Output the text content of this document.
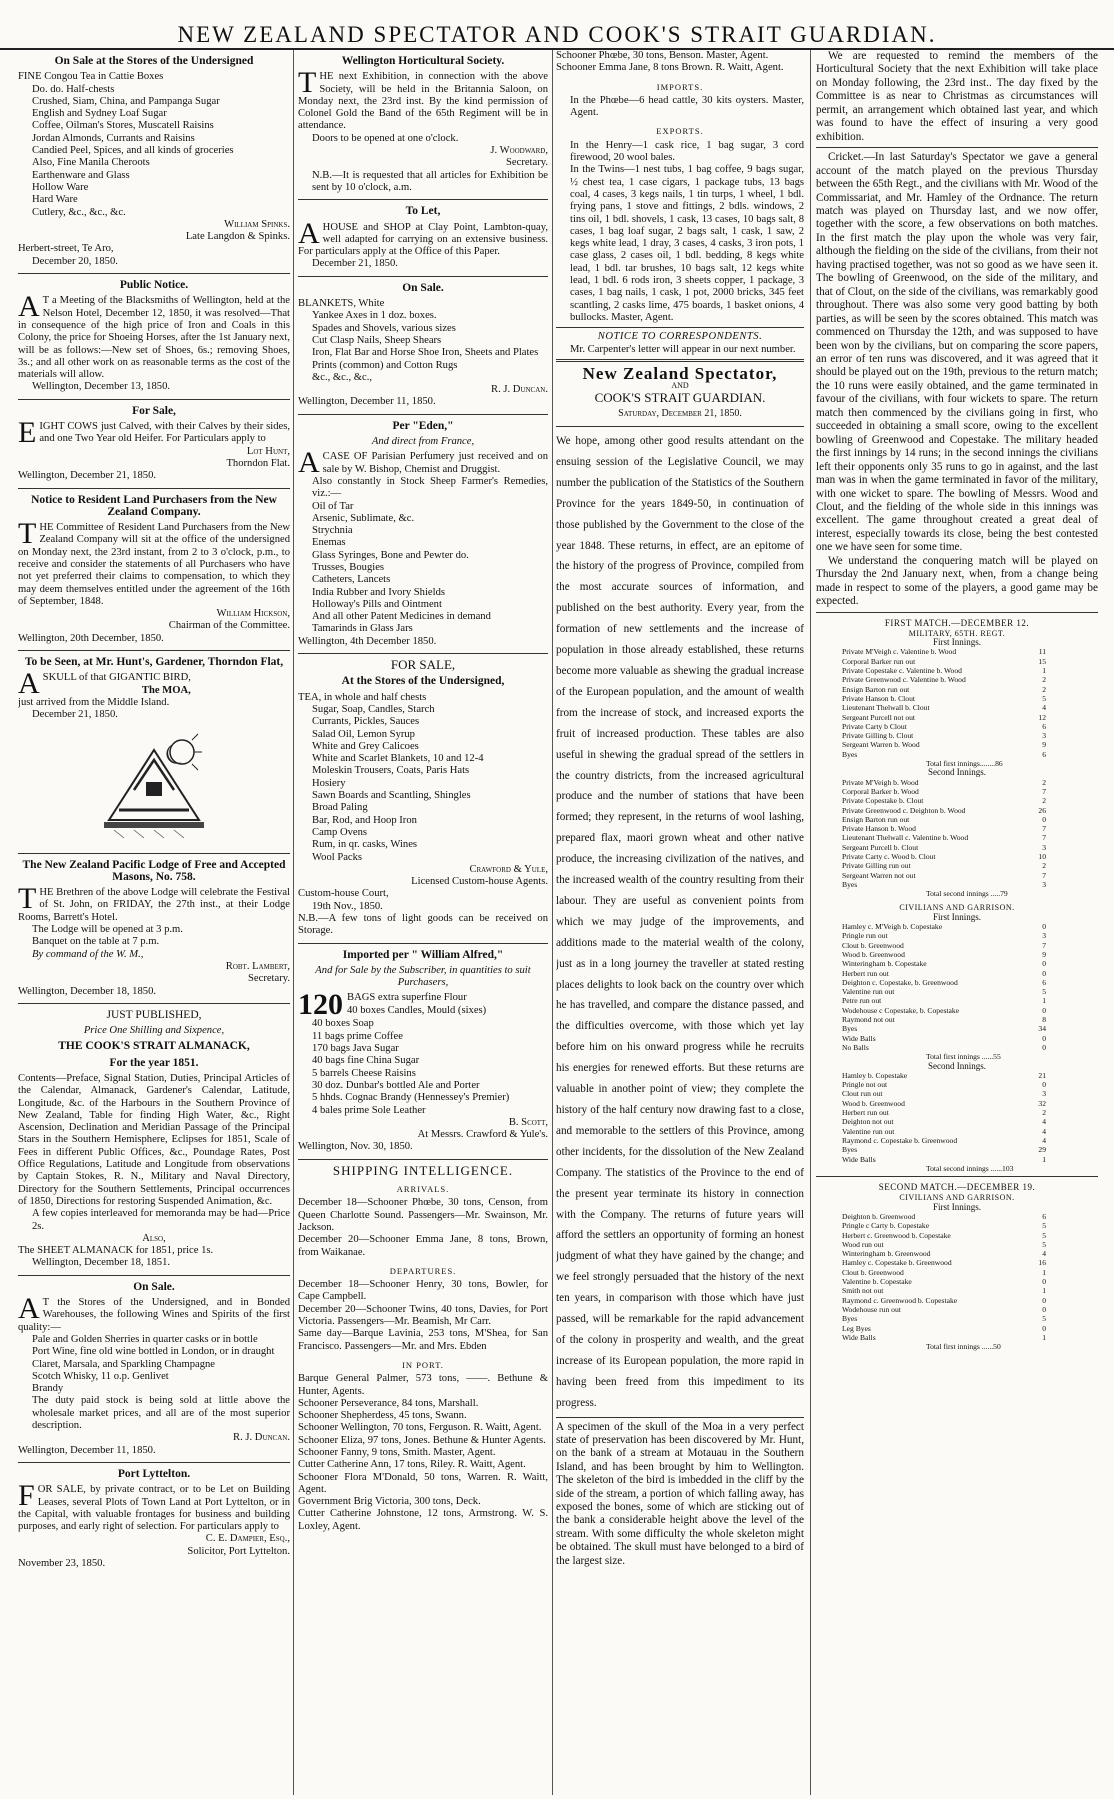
NEW ZEALAND SPECTATOR AND COOK'S STRAIT GUARDIAN.
On Sale at the Stores of the Undersigned
FINE Congou Tea in Cattie Boxes
Do. do. Half-chests
Crushed, Siam, China, and Pampanga Sugar
English and Sydney Loaf Sugar
Coffee, Oilman's Stores, Muscatell Raisins
Jordan Almonds, Currants and Raisins
Candied Peel, Spices, and all kinds of groceries
Also, Fine Manila Cheroots
Earthenware and Glass
Hollow Ware
Hard Ware
Cutlery, &c., &c., &c.
William Spinks.
Late Langdon & Spinks.
Herbert-street, Te Aro,
December 20, 1850.
Public Notice.
AT a Meeting of the Blacksmiths of Wellington, held at the Nelson Hotel, December 12, 1850, it was resolved—That in consequence of the high price of Iron and Coals in this Colony, the price for Shoeing Horses, after the 1st January next, will be as follows:—New set of Shoes, 6s.; removing Shoes, 3s.; and all other work on as reasonable terms as the cost of the materials will allow.
Wellington, December 13, 1850.
For Sale,
EIGHT COWS just Calved, with their Calves by their sides, and one Two Year old Heifer. For Particulars apply to
Lot Hunt,
Thorndon Flat.
Wellington, December 21, 1850.
Notice to Resident Land Purchasers from the New Zealand Company.
THE Committee of Resident Land Purchasers from the New Zealand Company will sit at the office of the undersigned on Monday next, the 23rd instant, from 2 to 3 o'clock, p.m., to receive and consider the statements of all Purchasers who have not yet preferred their claims to compensation, to which they may deem themselves entitled under the agreement of the 16th of September, 1848.
William Hickson,
Chairman of the Committee.
Wellington, 20th December, 1850.
To be Seen, at Mr. Hunt's, Gardener, Thorndon Flat,
ASKULL of that GIGANTIC BIRD,
The MOA,
just arrived from the Middle Island.
December 21, 1850.
The New Zealand Pacific Lodge of Free and Accepted Masons, No. 758.
THE Brethren of the above Lodge will celebrate the Festival of St. John, on FRIDAY, the 27th inst., at their Lodge Rooms, Barrett's Hotel.
The Lodge will be opened at 3 p.m.
Banquet on the table at 7 p.m.
By command of the W. M.,
Robt. Lambert,
Secretary.
Wellington, December 18, 1850.
JUST PUBLISHED,
Price One Shilling and Sixpence,
THE COOK'S STRAIT ALMANACK,
For the year 1851.
Contents—Preface, Signal Station, Duties, Principal Articles of the Calendar, Almanack, Gardener's Calendar, Latitude, Longitude, &c. of the Harbours in the Southern Province of New Zealand, Table for finding High Water, &c., Right Ascension, Declination and Meridian Passage of the Principal Stars in the Southern Hemisphere, Eclipses for 1851, Scale of Fees in different Public Offices, &c., Poundage Rates, Post Office Regulations, Latitude and Longitude from observations by Captain Stokes, R. N., Military and Naval Directory, Directory for the Southern Settlements, Principal occurrences of 1850, Directions for restoring Suspended Animation, &c.
A few copies interleaved for memoranda may be had—Price 2s.
Also,
The SHEET ALMANACK for 1851, price 1s.
Wellington, December 18, 1851.
On Sale.
AT the Stores of the Undersigned, and in Bonded Warehouses, the following Wines and Spirits of the first quality:—
Pale and Golden Sherries in quarter casks or in bottle
Port Wine, fine old wine bottled in London, or in draught
Claret, Marsala, and Sparkling Champagne
Scotch Whisky, 11 o.p. Genlivet
Brandy
The duty paid stock is being sold at little above the wholesale market prices, and all are of the most superior description.
R. J. Duncan.
Wellington, December 11, 1850.
Port Lyttelton.
FOR SALE, by private contract, or to be Let on Building Leases, several Plots of Town Land at Port Lyttelton, or in the Capital, with valuable frontages for business and building purposes, and early right of selection. For particulars apply to
C. E. Dampier, Esq.,
Solicitor, Port Lyttelton.
November 23, 1850.
Wellington Horticultural Society.
THE next Exhibition, in connection with the above Society, will be held in the Britannia Saloon, on Monday next, the 23rd inst. By the kind permission of Colonel Gold the Band of the 65th Regiment will be in attendance.
Doors to be opened at one o'clock.
J. Woodward,
Secretary.
N.B.—It is requested that all articles for Exhibition be sent by 10 o'clock, a.m.
To Let,
AHOUSE and SHOP at Clay Point, Lambton-quay, well adapted for carrying on an extensive business. For particulars apply at the Office of this Paper.
December 21, 1850.
On Sale.
BLANKETS, White
Yankee Axes in 1 doz. boxes.
Spades and Shovels, various sizes
Cut Clasp Nails, Sheep Shears
Iron, Flat Bar and Horse Shoe Iron, Sheets and Plates
Prints (common) and Cotton Rugs
&c., &c., &c.,
R. J. Duncan.
Wellington, December 11, 1850.
Per "Eden,"
And direct from France,
ACASE OF Parisian Perfumery just received and on sale by W. Bishop, Chemist and Druggist.
Also constantly in Stock Sheep Farmer's Remedies, viz.:—
Oil of Tar
Arsenic, Sublimate, &c.
Strychnia
Enemas
Glass Syringes, Bone and Pewter do.
Trusses, Bougies
Catheters, Lancets
India Rubber and Ivory Shields
Holloway's Pills and Ointment
And all other Patent Medicines in demand
Tamarinds in Glass Jars
Wellington, 4th December 1850.
FOR SALE,
At the Stores of the Undersigned,
TEA, in whole and half chests
Sugar, Soap, Candles, Starch
Currants, Pickles, Sauces
Salad Oil, Lemon Syrup
White and Grey Calicoes
White and Scarlet Blankets, 10 and 12-4
Moleskin Trousers, Coats, Paris Hats
Hosiery
Sawn Boards and Scantling, Shingles
Broad Paling
Bar, Rod, and Hoop Iron
Camp Ovens
Rum, in qr. casks, Wines
Wool Packs
Crawford & Yule,
Licensed Custom-house Agents.
Custom-house Court,
19th Nov., 1850.
N.B.—A few tons of light goods can be received on Storage.
Imported per " William Alfred,"
And for Sale by the Subscriber, in quantities to suit Purchasers,
120 BAGS extra superfine Flour
40 boxes Candles, Mould (sixes)
40 boxes Soap
11 bags prime Coffee
170 bags Java Sugar
40 bags fine China Sugar
5 barrels Cheese Raisins
30 doz. Dunbar's bottled Ale and Porter
5 hhds. Cognac Brandy (Hennessey's Premier)
4 bales prime Sole Leather
B. Scott,
At Messrs. Crawford & Yule's.
Wellington, Nov. 30, 1850.
SHIPPING INTELLIGENCE.
ARRIVALS.
December 18—Schooner Phœbe, 30 tons, Censon, from Queen Charlotte Sound. Passengers—Mr. Swainson, Mr. Jackson.
December 20—Schooner Emma Jane, 8 tons, Brown, from Waikanae.
DEPARTURES.
December 18—Schooner Henry, 30 tons, Bowler, for Cape Campbell.
December 20—Schooner Twins, 40 tons, Davies, for Port Victoria. Passengers—Mr. Beamish, Mr Carr.
Same day—Barque Lavinia, 253 tons, M'Shea, for San Francisco. Passengers—Mr. and Mrs. Ebden
IN PORT.
Barque General Palmer, 573 tons, ——. Bethune & Hunter, Agents.
Schooner Perseverance, 84 tons, Marshall.
Schooner Shepherdess, 45 tons, Swann.
Schooner Wellington, 70 tons, Ferguson. R. Waitt, Agent.
Schooner Eliza, 97 tons, Jones. Bethune & Hunter Agents.
Schooner Fanny, 9 tons, Smith. Master, Agent.
Cutter Catherine Ann, 17 tons, Riley. R. Waitt, Agent.
Schooner Flora M'Donald, 50 tons, Warren. R. Waitt, Agent.
Government Brig Victoria, 300 tons, Deck.
Cutter Catherine Johnstone, 12 tons, Armstrong. W. S. Loxley, Agent.
Schooner Phœbe, 30 tons, Benson. Master, Agent.
Schooner Emma Jane, 8 tons Brown. R. Waitt, Agent.
IMPORTS.
In the Phœbe—6 head cattle, 30 kits oysters. Master, Agent.
EXPORTS.
In the Henry—1 cask rice, 1 bag sugar, 3 cord firewood, 20 wool bales.
In the Twins—1 nest tubs, 1 bag coffee, 9 bags sugar, ½ chest tea, 1 case cigars, 1 package tubs, 13 bags coal, 4 cases, 3 kegs nails, 1 tin turps, 1 wheel, 1 bdl. frying pans, 1 stove and fittings, 2 bdls. windows, 2 tins oil, 1 bdl. shovels, 1 cask, 13 cases, 10 bags salt, 8 cases, 1 bag loaf sugar, 2 bags salt, 1 cask, 1 saw, 2 kegs white lead, 1 dray, 3 cases, 4 casks, 3 iron pots, 1 case glass, 2 cases oil, 1 bdl. bedding, 8 kegs white lead, 1 bdl. tar brushes, 10 bags salt, 12 kegs white lead, 1 bdl. 6 rods iron, 3 sheets copper, 1 package, 3 cases, 1 bag nails, 1 cask, 1 pot, 2000 bricks, 345 feet scantling, 2 casks lime, 475 boards, 1 basket onions, 4 bullocks. Master, Agent.
NOTICE TO CORRESPONDENTS.
Mr. Carpenter's letter will appear in our next number.
New Zealand Spectator,
AND
COOK'S STRAIT GUARDIAN.
Saturday, December 21, 1850.
We hope, among other good results attendant on the ensuing session of the Legislative Council, we may number the publication of the Statistics of the Southern Province for the years 1849-50, in continuation of those published by the Government to the close of the year 1848. These returns, in effect, are an epitome of the history of the progress of Province, compiled from the most accurate sources of information, and published on the best authority. Every year, from the formation of new settlements and the increase of population in those already established, these returns become more valuable as shewing the gradual increase of the European population, and the amount of wealth from the increase of stock, and increased exports the fruit of increased production. These tables are also useful in shewing the gradual spread of the settlers in the country districts, from the increased agricultural produce and the number of stations that have been formed; they represent, in the returns of wool lashing, prepared flax, maori grown wheat and other native produce, the increasing civilization of the natives, and the increased wealth of the country resulting from their labour. They are useful as convenient points from which we may judge of the improvements, and additions made to the material wealth of the colony, just as in a long journey the traveller at stated resting places delights to look back on the country over which he has travelled, and compare the distance passed, and the difficulties overcome, with those which yet lay before him on his onward progress while he recruits his energies for renewed efforts. But these returns are valuable in another point of view; they complete the history of the half century now drawing fast to a close, and memorable to the settlers of this Province, among other incidents, for the dissolution of the New Zealand Company. The statistics of the Province to the end of the present year terminate its history in connection with the Company. The returns of future years will afford the settlers an opportunity of forming an honest judgment of what they have gained by the change; and we feel strongly persuaded that the history of the next ten years, in comparison with those which have just passed, will be remarkable for the rapid advancement of the colony in prosperity and wealth, and the great increase of its European population, the more rapid in having been freed from this impediment to its progress.
A specimen of the skull of the Moa in a very perfect state of preservation has been discovered by Mr. Hunt, on the bank of a stream at Motauau in the Southern Island, and has been brought by him to Wellington. The skeleton of the bird is imbedded in the cliff by the side of the stream, a portion of which falling away, has exposed the bones, some of which are sticking out of the bank a considerable height above the level of the stream. With some difficulty the whole skeleton might be obtained. The skull must have belonged to a bird of the largest size.
We are requested to remind the members of the Horticultural Society that the next Exhibition will take place on Monday following, the 23rd inst.. The day fixed by the Committee is as near to Christmas as circumstances will permit, an arrangement which obtained last year, and which was found to have the effect of insuring a very good exhibition.
Cricket.—In last Saturday's Spectator we gave a general account of the match played on the previous Thursday between the 65th Regt., and the civilians with Mr. Wood of the Commissariat, and Mr. Hamley of the Ordnance. The return match was played on Thursday last, and we now offer, together with the score, a few observations on both matches. In the first match the play upon the whole was very fair, although the fielding on the side of the civilians, from their not having practised together, was not so good as we have seen it. The bowling of Greenwood, on the side of the military, and that of Clout, on the side of the civilians, was remarkably good throughout. There was also some very good batting by both parties, as will be seen by the scores obtained. This match was commenced on Thursday the 12th, and was supposed to have been won by the civilians, but on comparing the score papers, an error of ten runs was discovered, and it was agreed that it should be played out on the 19th, previous to the return match; the 10 runs were easily obtained, and the game terminated in favour of the civilians, with four wickets to spare. The return match then commenced by the civilians going in first, who succeeded in obtaining a small score, owing to the excellent bowling of Greenwood and Copestake. The military headed the first innings by 14 runs; in the second innings the civilians left their opponents only 35 runs to go in against, and the last man was in when the game terminated in favor of the military, with one wicket to spare. The bowling of Messrs. Wood and Clout, and the fielding of the whole side in this innings was excellent. The game throughout created a great deal of interest, especially towards its close, being the best contested one we have seen for some time.
We understand the conquering match will be played on Thursday the 2nd January next, when, from a change being made in respect to some of the players, a good game may be expected.
FIRST MATCH.—DECEMBER 12.
MILITARY, 65TH. REGT.
First Innings.
Private M'Veigh c. Valentine b. Wood	11
Corporal Barker run out	15
Private Copestake c. Valentine b. Wood	1
Private Greenwood c. Valentine b. Wood	2
Ensign Barton run out	2
Private Hanson b. Clout	5
Lieutenant Thelwall b. Clout	4
Sergeant Purcell not out	12
Private Carty b Clout	6
Private Gilling b. Clout	3
Sergeant Warren b. Wood	9
Byes	6
Total first innings........86
Second Innings.
Private M'Veigh b. Wood	2
Corporal Barker b. Wood	7
Private Copestake b. Clout	2
Private Greenwood c. Deighton b. Wood	26
Ensign Barton run out	0
Private Hanson b. Wood	7
Lieutenant Thelwall c. Valentine b. Wood	7
Sergeant Purcell b. Clout	3
Private Carty c. Wood b. Clout	10
Private Gilling run out	2
Sergeant Warren not out	7
Byes	3
Total second innings .....79
CIVILIANS AND GARRISON.
First Innings.
Hamley c. M'Veigh b. Copestake	0
Pringle run out	3
Clout b. Greenwood	7
Wood b. Greenwood	9
Winteringham b. Copestake	0
Herbert run out	0
Deighton c. Copestake, b. Greenwood	6
Valentine run out	5
Petre run out	1
Wodehouse c Copestake, b. Copestake	0
Raymond not out	8
Byes	34
Wide Balls	0
No Balls	0
Total first innings ......55
Second Innings.
Hamley b. Copestake	21
Pringle not out	0
Clout run out	3
Wood b. Greenwood	32
Herbert run out	2
Deighton not out	4
Valentine run out	4
Raymond c. Copestake b. Greenwood	4
Byes	29
Wide Balls	1
Total second innings ......103
SECOND MATCH.—DECEMBER 19.
CIVILIANS AND GARRISON.
First Innings.
Deighton b. Greenwood	6
Pringle c Carty b. Copestake	5
Herbert c. Greenwood b. Copestake	5
Wood run out	5
Winteringham b. Greenwood	4
Hamley c. Copestake b. Greenwood	16
Clout b. Greenwood	1
Valentine b. Copestake	0
Smith not out	1
Raymond c. Greenwood b. Copestake	0
Wodehouse run out	0
Byes	5
Leg Byes	0
Wide Balls	1
Total first innings ......50
